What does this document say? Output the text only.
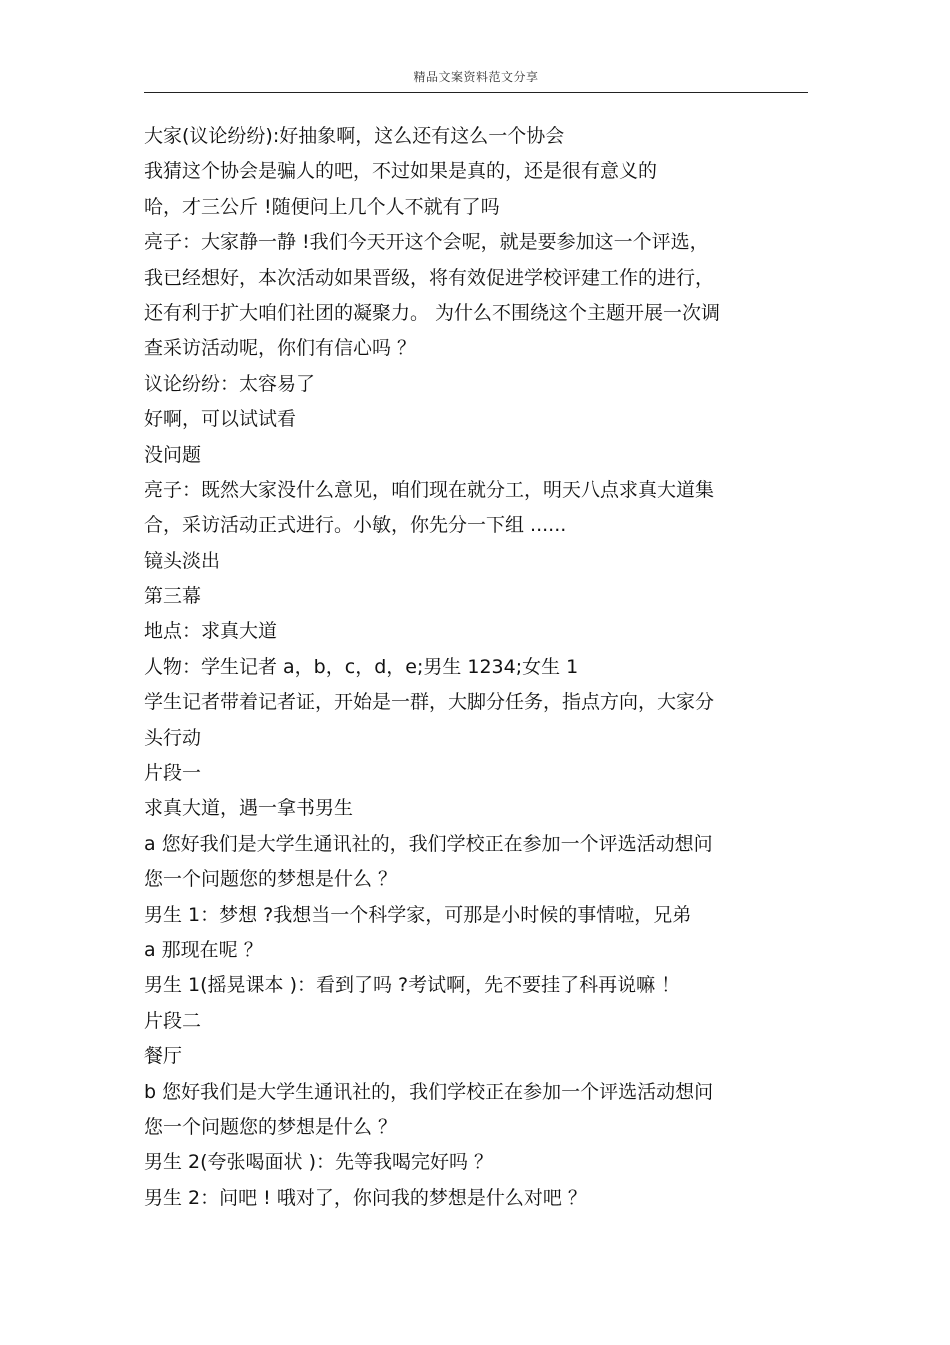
精品文案资料范文分享
大家(议论纷纷):好抽象啊，这么还有这么一个协会
我猜这个协会是骗人的吧，不过如果是真的，还是很有意义的
哈，才三公斤 !随便问上几个人不就有了吗
亮子：大家静一静 !我们今天开这个会呢，就是要参加这一个评选，
我已经想好，本次活动如果晋级，将有效促进学校评建工作的进行，
还有利于扩大咱们社团的凝聚力。 为什么不围绕这个主题开展一次调
查采访活动呢，你们有信心吗 ？
议论纷纷：太容易了
好啊，可以试试看
没问题
亮子：既然大家没什么意见，咱们现在就分工，明天八点求真大道集
合，采访活动正式进行。小敏，你先分一下组 ......
镜头淡出
第三幕
地点：求真大道
人物：学生记者 a，b，c，d，e;男生 1234;女生 1
学生记者带着记者证，开始是一群，大脚分任务，指点方向，大家分
头行动
片段一
求真大道，遇一拿书男生
a 您好我们是大学生通讯社的，我们学校正在参加一个评选活动想问
您一个问题您的梦想是什么 ？
男生 1：梦想 ?我想当一个科学家，可那是小时候的事情啦，兄弟
a 那现在呢 ？
男生 1(摇晃课本 )：看到了吗 ?考试啊，先不要挂了科再说嘛 ！
片段二
餐厅
b 您好我们是大学生通讯社的，我们学校正在参加一个评选活动想问
您一个问题您的梦想是什么 ？
男生 2(夸张喝面状 )：先等我喝完好吗 ？
男生 2：问吧 ! 哦对了，你问我的梦想是什么对吧 ？
